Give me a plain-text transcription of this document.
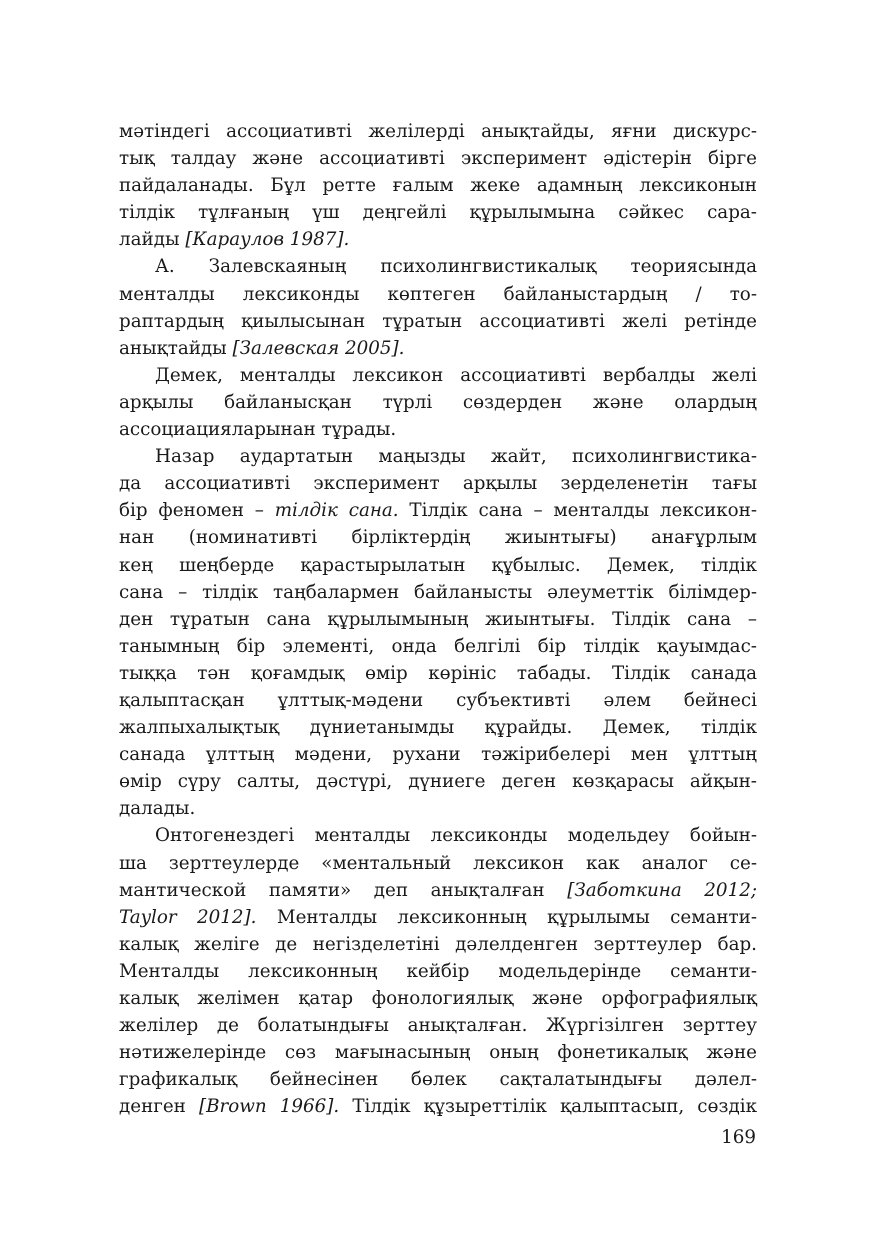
мәтіндегі ассоциативті желілерді анықтайды, яғни дискурс-
тық талдау және ассоциативті эксперимент әдістерін бірге
пайдаланады. Бұл ретте ғалым жеке адамның лексиконын
тілдік тұлғаның үш деңгейлі құрылымына сәйкес сара-
лайды [Караулов 1987].
А. Залевскаяның психолингвистикалық теориясында
менталды лексиконды көптеген байланыстардың / то-
раптардың қиылысынан тұратын ассоциативті желі ретінде
анықтайды [Залевская 2005].
Демек, менталды лексикон ассоциативті вербалды желі
арқылы байланысқан түрлі сөздерден және олардың
ассоциацияларынан тұрады.
Назар аудартатын маңызды жайт, психолингвистика-
да ассоциативті эксперимент арқылы зерделенетін тағы
бір феномен – тілдік сана. Тілдік сана – менталды лексикон-
нан (номинативті бірліктердің жиынтығы) анағұрлым
кең шеңберде қарастырылатын құбылыс. Демек, тілдік
сана – тілдік таңбалармен байланысты әлеуметтік білімдер-
ден тұратын сана құрылымының жиынтығы. Тілдік сана –
танымның бір элементі, онда белгілі бір тілдік қауымдас-
тыққа тән қоғамдық өмір көрініс табады. Тілдік санада
қалыптасқан ұлттық-мәдени субъективті әлем бейнесі
жалпыхалықтық дүниетанымды құрайды. Демек, тілдік
санада ұлттың мәдени, рухани тәжірибелері мен ұлттың
өмір сүру салты, дәстүрі, дүниеге деген көзқарасы айқын-
далады.
Онтогенездегі менталды лексиконды модельдеу бойын-
ша зерттеулерде «ментальный лексикон как аналог се-
мантической памяти» деп анықталған [Заботкина 2012;
Taylor 2012]. Менталды лексиконның құрылымы семанти-
калық желіге де негізделетіні дәлелденген зерттеулер бар.
Менталды лексиконның кейбір модельдерінде семанти-
калық желімен қатар фонологиялық және орфографиялық
желілер де болатындығы анықталған. Жүргізілген зерттеу
нәтижелерінде сөз мағынасының оның фонетикалық және
графикалық бейнесінен бөлек сақталатындығы дәлел-
денген [Brown 1966]. Тілдік құзыреттілік қалыптасып, сөздік
169
